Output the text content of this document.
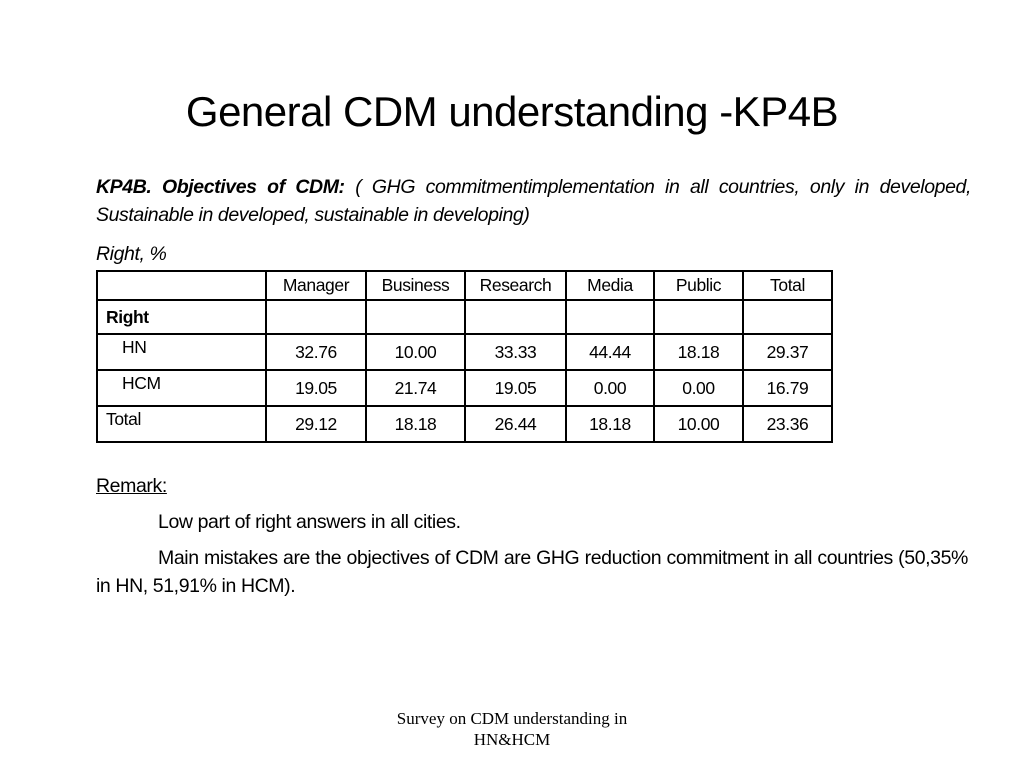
General CDM understanding -KP4B
KP4B. Objectives of CDM: ( GHG commitmentimplementation in all countries, only in developed, Sustainable in developed, sustainable in developing)
Right, %
	Manager	Business	Research	Media	Public	Total
Right						
HN	32.76	10.00	33.33	44.44	18.18	29.37
HCM	19.05	21.74	19.05	0.00	0.00	16.79
Total	29.12	18.18	26.44	18.18	10.00	23.36
Remark:
Low part of right answers in all cities.
Main mistakes are the objectives of CDM are GHG reduction commitment in all countries (50,35% in HN, 51,91% in HCM).
Survey on CDM understanding in
HN&HCM
